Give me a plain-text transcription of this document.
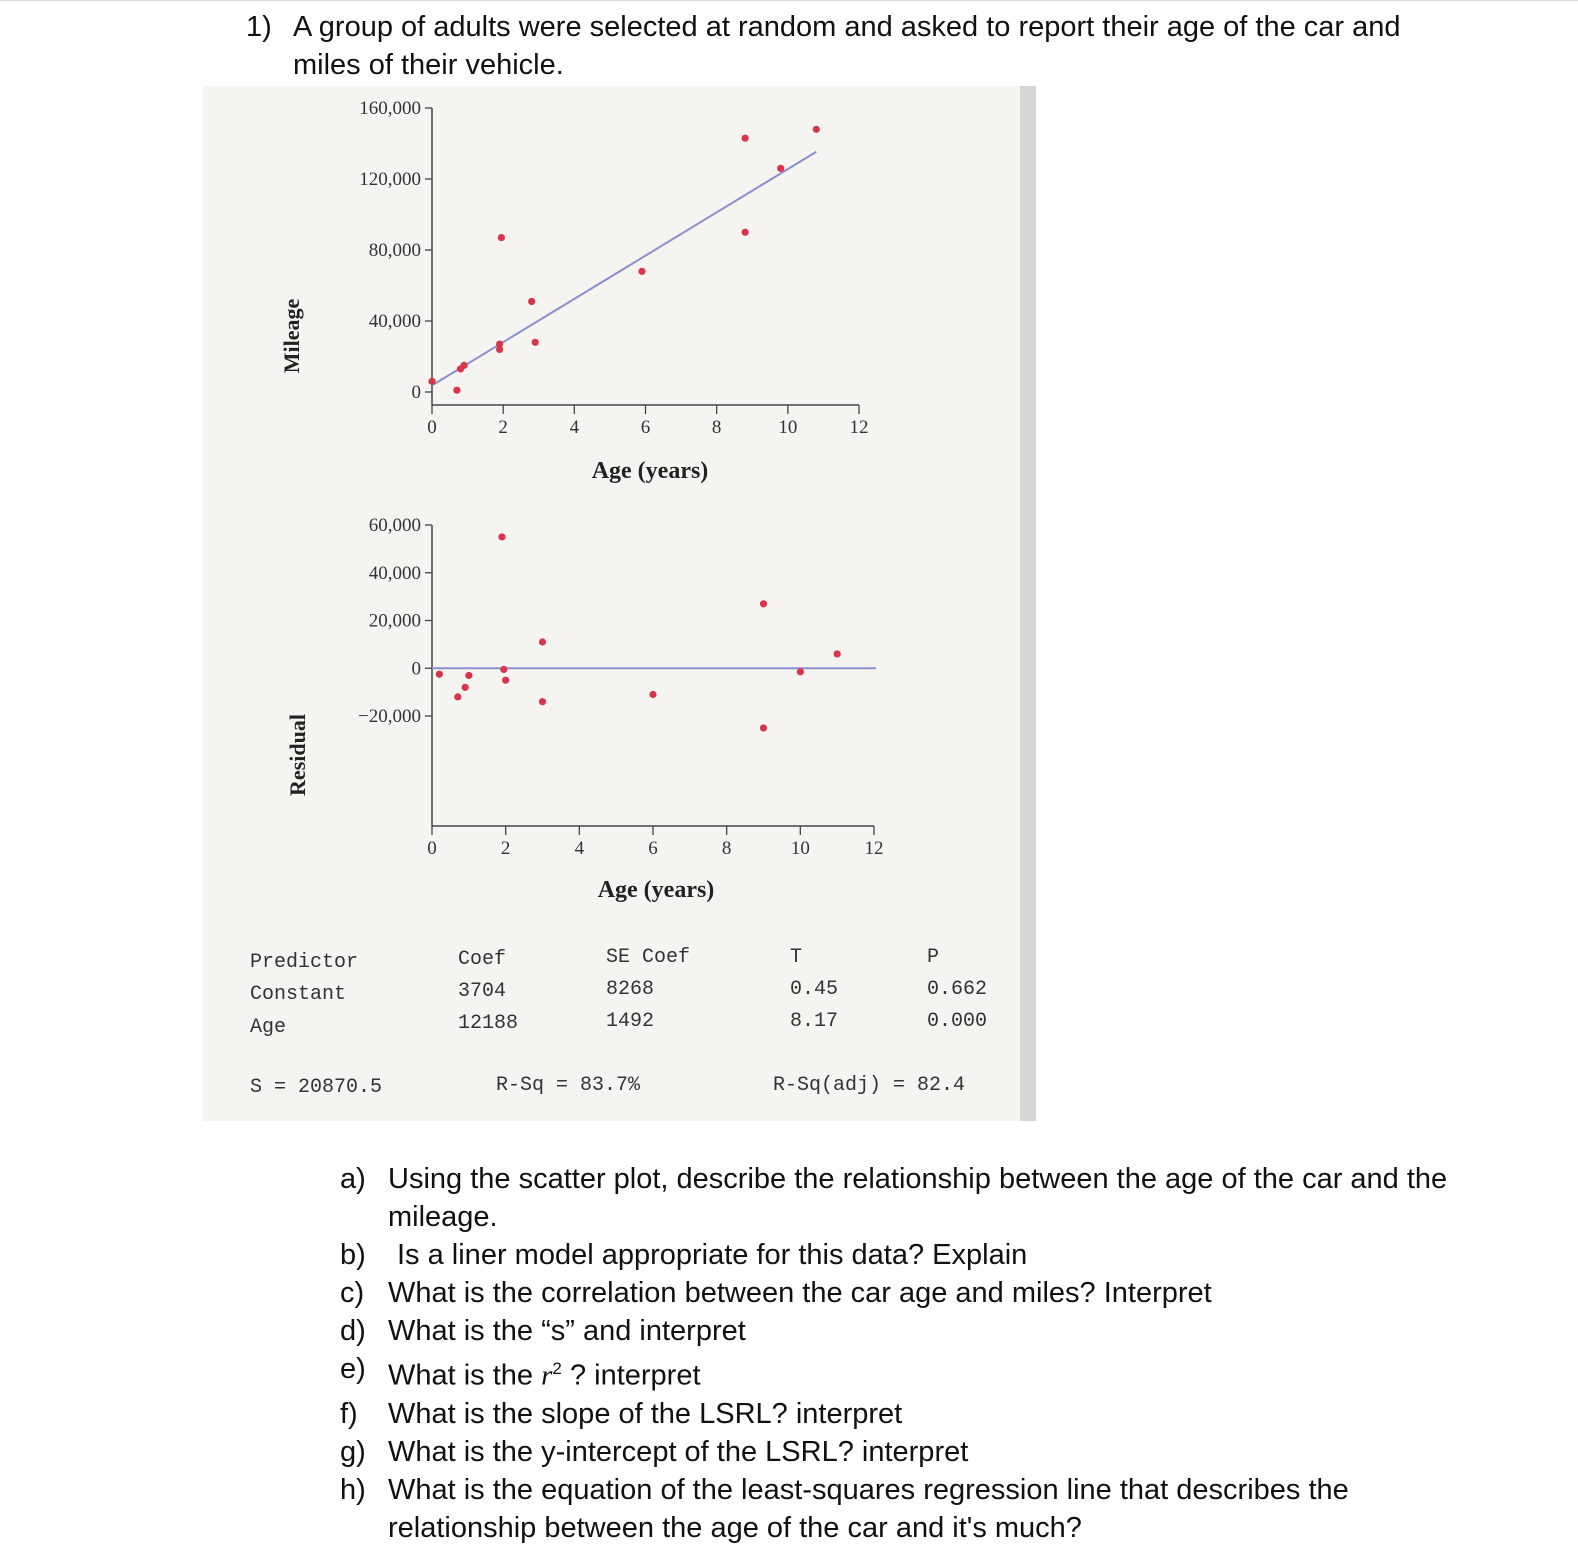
1) A group of adults were selected at random and asked to report their age of the car and miles of their vehicle.
Mileage
Age (years)
0
40,000
80,000
120,000
160,000
0	2	4	6	8	10	12
Residual
Age (years)
−20,000
0
20,000
40,000
60,000
0	2	4	6	8	10	12
Predictor	Coef	SE Coef	T	P
Constant	3704	8268	0.45	0.662
Age	12188	1492	8.17	0.000
S = 20870.5	R-Sq = 83.7%	R-Sq(adj) = 82.4
a) Using the scatter plot, describe the relationship between the age of the car and the mileage.
b) Is a liner model appropriate for this data? Explain
c) What is the correlation between the car age and miles? Interpret
d) What is the “s” and interpret
e) What is the $r^2$ ? interpret
f) What is the slope of the LSRL? interpret
g) What is the y-intercept of the LSRL? interpret
h) What is the equation of the least-squares regression line that describes the relationship between the age of the car and it's much?
